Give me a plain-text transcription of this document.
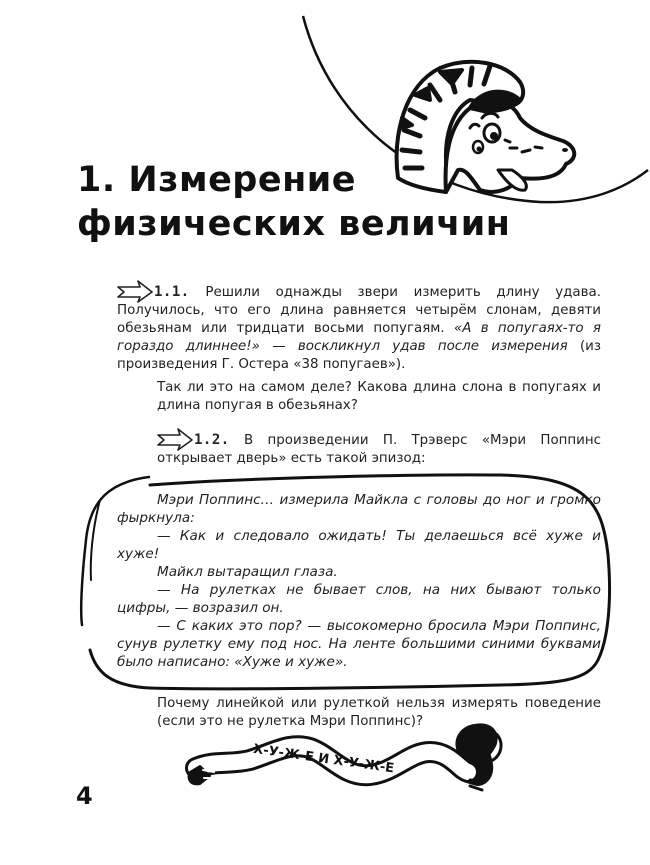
Х-У-Ж-Е И Х-У-Ж-Е
1. Измерение
физических величин

1.1. Решили однажды звери измерить длину удава. Получилось, что его длина равняется четырём слонам, девяти обезьянам или тридцати восьми попугаям. «А в попугаях-то я гораздо длиннее!» — воскликнул удав после измерения (из произведения Г. Остера «38 попугаев»).

Так ли это на самом деле? Какова длина слона в попугаях и длина попугая в обезьянах?

1.2. В произведении П. Трэверс «Мэри Поппинс открывает дверь» есть такой эпизод:

Мэри Поппинс… измерила Майкла с головы до ног и громко фыркнула:

— Как и следовало ожидать! Ты делаешься всё хуже и хуже!

Майкл вытаращил глаза.

— На рулетках не бывает слов, на них бывают только цифры, — возразил он.

— С каких это пор? — высокомерно бросила Мэри Поппинс, сунув рулетку ему под нос. На ленте большими синими буквами было написано: «Хуже и хуже».

Почему линейкой или рулеткой нельзя измерять поведение (если это не рулетка Мэри Поппинс)?

4
